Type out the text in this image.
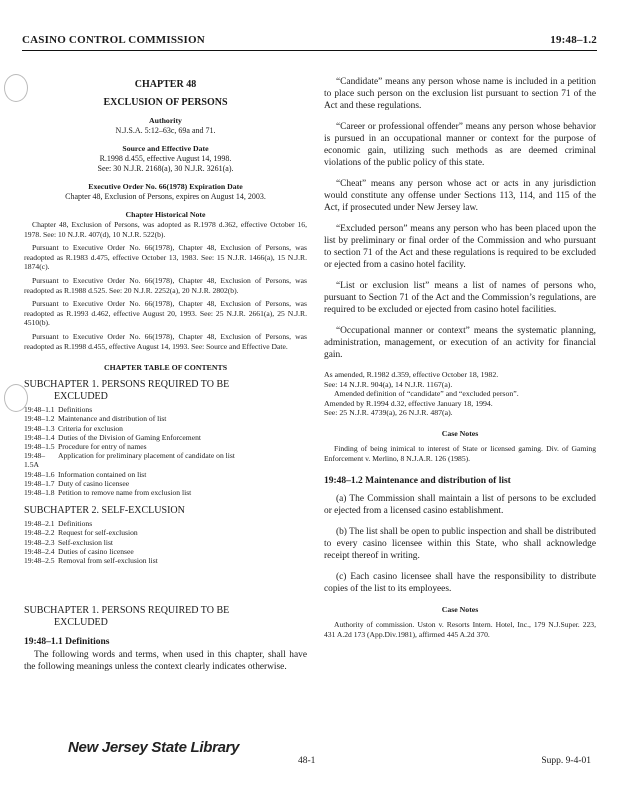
CASINO CONTROL COMMISSION	19:48–1.2

CHAPTER 48

EXCLUSION OF PERSONS

Authority

N.J.S.A. 5:12–63c, 69a and 71.

Source and Effective Date

R.1998 d.455, effective August 14, 1998.

See: 30 N.J.R. 2168(a), 30 N.J.R. 3261(a).

Executive Order No. 66(1978) Expiration Date

Chapter 48, Exclusion of Persons, expires on August 14, 2003.

Chapter Historical Note

Chapter 48, Exclusion of Persons, was adopted as R.1978 d.362, effective October 16, 1978. See: 10 N.J.R. 407(d), 10 N.J.R. 522(b).

Pursuant to Executive Order No. 66(1978), Chapter 48, Exclusion of Persons, was readopted as R.1983 d.475, effective October 13, 1983. See: 15 N.J.R. 1466(a), 15 N.J.R. 1874(c).

Pursuant to Executive Order No. 66(1978), Chapter 48, Exclusion of Persons, was readopted as R.1988 d.525. See: 20 N.J.R. 2252(a), 20 N.J.R. 2802(b).

Pursuant to Executive Order No. 66(1978), Chapter 48, Exclusion of Persons, was readopted as R.1993 d.462, effective August 20, 1993. See: 25 N.J.R. 2661(a), 25 N.J.R. 4510(b).

Pursuant to Executive Order No. 66(1978), Chapter 48, Exclusion of Persons, was readopted as R.1998 d.455, effective August 14, 1993. See: Source and Effective Date.

CHAPTER TABLE OF CONTENTS

SUBCHAPTER 1. PERSONS REQUIRED TO BE

EXCLUDED

19:48–1.1 Definitions
19:48–1.2 Maintenance and distribution of list
19:48–1.3 Criteria for exclusion
19:48–1.4 Duties of the Division of Gaming Enforcement
19:48–1.5 Procedure for entry of names
19:48–1.5A
Application for preliminary placement of candidate on list
19:48–1.6 Information contained on list
19:48–1.7 Duty of casino licensee
19:48–1.8 Petition to remove name from exclusion list

SUBCHAPTER 2. SELF-EXCLUSION

19:48–2.1 Definitions
19:48–2.2 Request for self-exclusion
19:48–2.3 Self-exclusion list
19:48–2.4 Duties of casino licensee
19:48–2.5 Removal from self-exclusion list

SUBCHAPTER 1. PERSONS REQUIRED TO BE

EXCLUDED

19:48–1.1 Definitions

The following words and terms, when used in this chapter, shall have the following meanings unless the context clearly indicates otherwise.

“Candidate” means any person whose name is included in a petition to place such person on the exclusion list pursuant to section 71 of the Act and these regulations.

“Career or professional offender” means any person whose behavior is pursued in an occupational manner or context for the purpose of economic gain, utilizing such methods as are deemed criminal violations of the public policy of this state.

“Cheat” means any person whose act or acts in any jurisdiction would constitute any offense under Sections 113, 114, and 115 of the Act, if prosecuted under New Jersey law.

“Excluded person” means any person who has been placed upon the list by preliminary or final order of the Commission and who pursuant to section 71 of the Act and these regulations is required to be excluded or ejected from a casino hotel facility.

“List or exclusion list” means a list of names of persons who, pursuant to Section 71 of the Act and the Commission’s regulations, are required to be excluded or ejected from casino hotel facilities.

“Occupational manner or context” means the systematic planning, administration, management, or execution of an activity for financial gain.

As amended, R.1982 d.359, effective October 18, 1982.

See: 14 N.J.R. 904(a), 14 N.J.R. 1167(a).

Amended definition of “candidate” and “excluded person”.

Amended by R.1994 d.32, effective January 18, 1994.

See: 25 N.J.R. 4739(a), 26 N.J.R. 487(a).

Case Notes

Finding of being inimical to interest of State or licensed gaming. Div. of Gaming Enforcement v. Merlino, 8 N.J.A.R. 126 (1985).

19:48–1.2 Maintenance and distribution of list

(a) The Commission shall maintain a list of persons to be excluded or ejected from a licensed casino establishment.

(b) The list shall be open to public inspection and shall be distributed to every casino licensee within this State, who shall acknowledge receipt thereof in writing.

(c) Each casino licensee shall have the responsibility to distribute copies of the list to its employees.

Case Notes

Authority of commission. Uston v. Resorts Intern. Hotel, Inc., 179 N.J.Super. 223, 431 A.2d 173 (App.Div.1981), affirmed 445 A.2d 370.

New Jersey State Library
48-1	Supp. 9-4-01
